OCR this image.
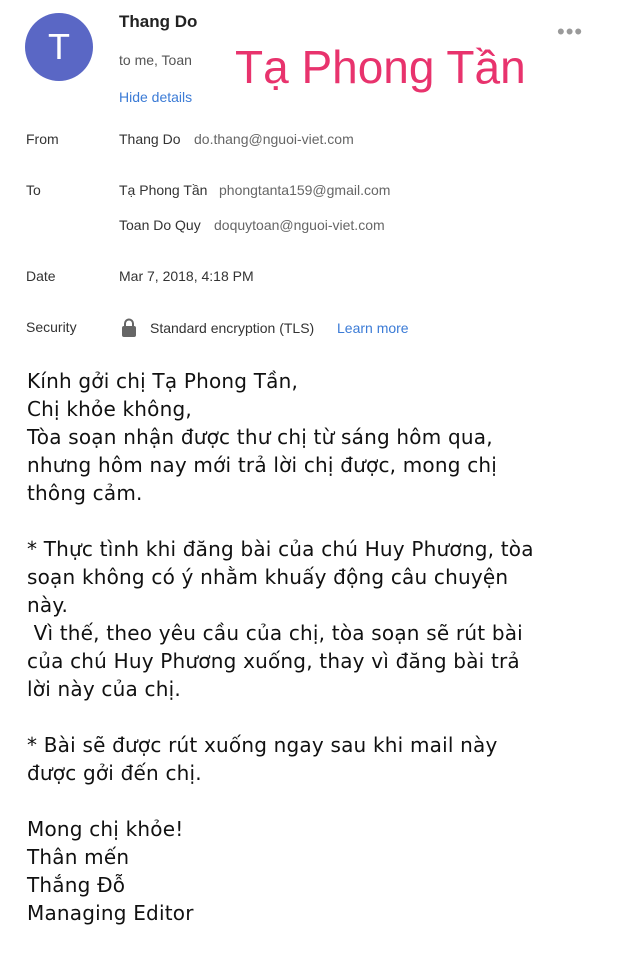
T
Thang Do
to me, Toan
Hide details
•••
Tạ Phong Tần
From	Thang Do do.thang@nguoi-viet.com
To	Tạ Phong Tần phongtanta159@gmail.com
Toan Do Quy doquytoan@nguoi-viet.com
Date	Mar 7, 2018, 4:18 PM
Security	Standard encryption (TLS) Learn more

Kính gởi chị Tạ Phong Tần,

Chị khỏe không,

Tòa soạn nhận được thư chị từ sáng hôm qua,

nhưng hôm nay mới trả lời chị được, mong chị

thông cảm.

* Thực tình khi đăng bài của chú Huy Phương, tòa

soạn không có ý nhằm khuấy động câu chuyện

này.

Vì thế, theo yêu cầu của chị, tòa soạn sẽ rút bài

của chú Huy Phương xuống, thay vì đăng bài trả

lời này của chị.

* Bài sẽ được rút xuống ngay sau khi mail này

được gởi đến chị.

Mong chị khỏe!

Thân mến

Thắng Đỗ

Managing Editor
